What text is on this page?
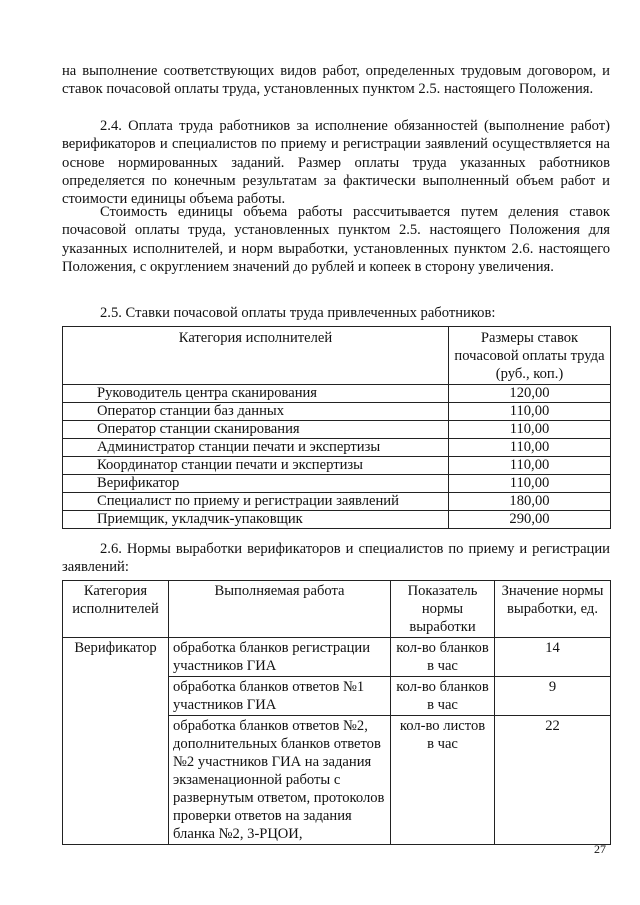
на выполнение соответствующих видов работ, определенных трудовым договором, и ставок почасовой оплаты труда, установленных пунктом 2.5. настоящего Положения.

2.4. Оплата труда работников за исполнение обязанностей (выполнение работ) верификаторов и специалистов по приему и регистрации заявлений осуществляется на основе нормированных заданий. Размер оплаты труда указанных работников определяется по конечным результатам за фактически выполненный объем работ и стоимости единицы объема работы.

Стоимость единицы объема работы рассчитывается путем деления ставок почасовой оплаты труда, установленных пунктом 2.5. настоящего Положения для указанных исполнителей, и норм выработки, установленных пунктом 2.6. настоящего Положения, с округлением значений до рублей и копеек в сторону увеличения.

2.5. Ставки почасовой оплаты труда привлеченных работников:

Категория исполнителей	Размеры ставок почасовой оплаты труда (руб., коп.)
Руководитель центра сканирования	120,00
Оператор станции баз данных	110,00
Оператор станции сканирования	110,00
Администратор станции печати и экспертизы	110,00
Координатор станции печати и экспертизы	110,00
Верификатор	110,00
Специалист по приему и регистрации заявлений	180,00
Приемщик, укладчик-упаковщик	290,00

2.6. Нормы выработки верификаторов и специалистов по приему и регистрации заявлений:

Категория исполнителей	Выполняемая работа	Показатель нормы выработки	Значение нормы выработки, ед.
Верификатор	обработка бланков регистрации участников ГИА	кол-во бланков в час	14
	обработка бланков ответов №1 участников ГИА	кол-во бланков в час	9
	обработка бланков ответов №2, дополнительных бланков ответов №2 участников ГИА на задания экзаменационной работы с развернутым ответом, протоколов проверки ответов на задания бланка №2, 3-РЦОИ,	кол-во листов в час	22
27
